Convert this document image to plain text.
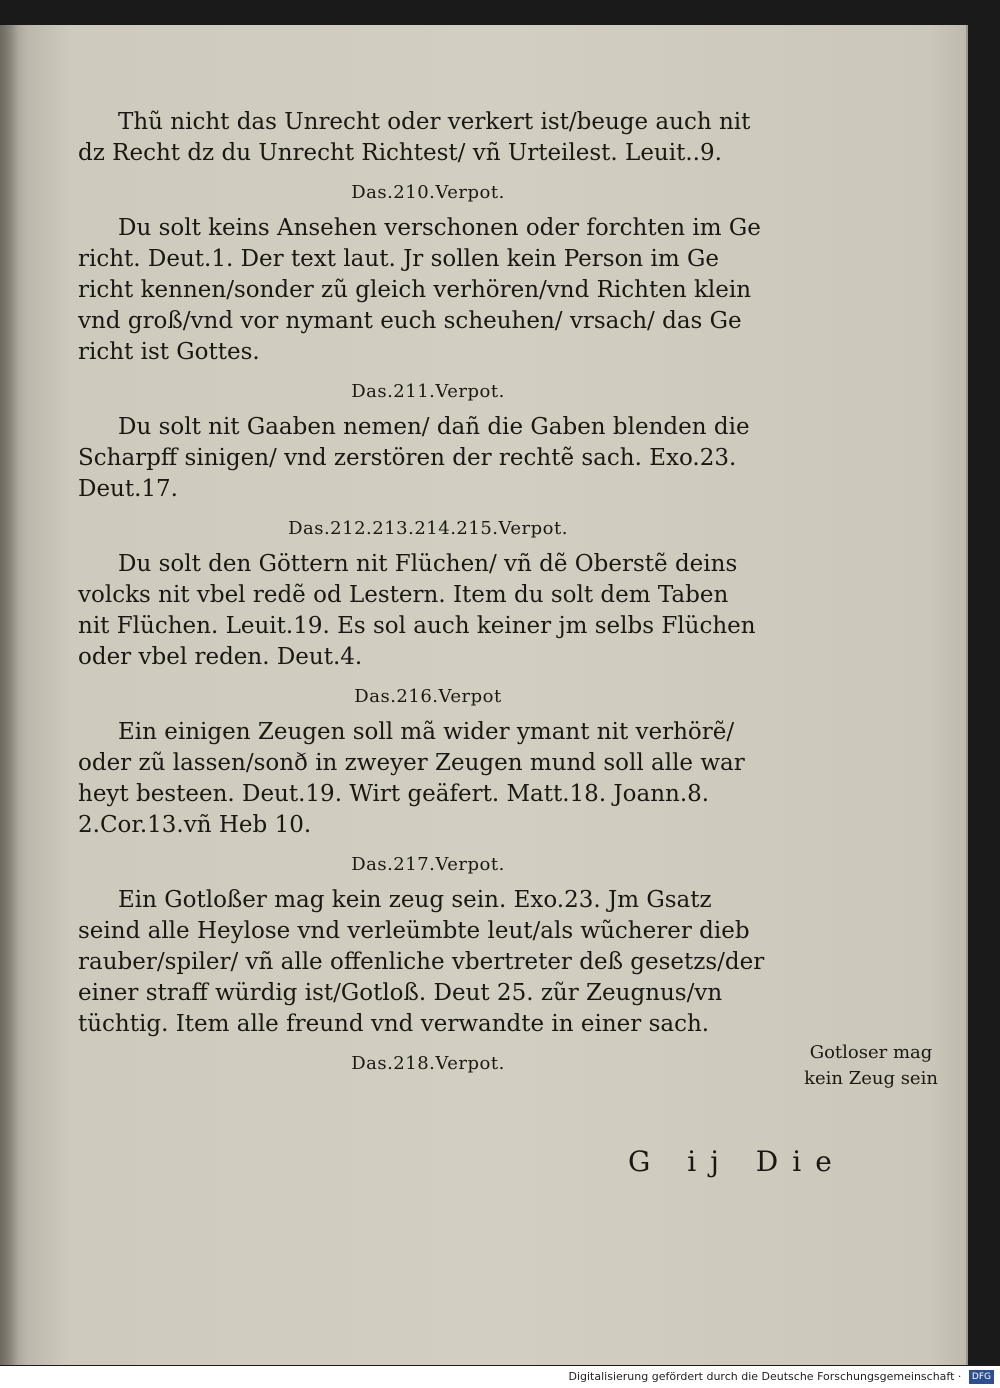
Thũ nicht das Unrecht oder verkert ist/beuge auch nit
dz Recht dz du Unrecht Richtest/ vñ Urteilest. Leuit..9.
Das.210.Verpot.
Du solt keins Ansehen verschonen oder forchten im Ge
richt. Deut.1. Der text laut. Jr sollen kein Person im Ge
richt kennen/sonder zũ gleich verhören/vnd Richten klein
vnd groß/vnd vor nymant euch scheuhen/ vrsach/ das Ge
richt ist Gottes.
Das.211.Verpot.
Du solt nit Gaaben nemen/ dañ die Gaben blenden die
Scharpff sinigen/ vnd zerstören der rechtẽ sach. Exo.23.
Deut.17.
Das.212.213.214.215.Verpot.
Du solt den Göttern nit Flüchen/ vñ dẽ Oberstẽ deins
volcks nit vbel redẽ od Lestern. Item du solt dem Taben
nit Flüchen. Leuit.19. Es sol auch keiner jm selbs Flüchen
oder vbel reden. Deut.4.
Das.216.Verpot
Ein einigen Zeugen soll mã wider ymant nit verhörẽ/
oder zũ lassen/sonð in zweyer Zeugen mund soll alle war
heyt besteen. Deut.19. Wirt geäfert. Matt.18. Joann.8.
2.Cor.13.vñ Heb 10.
Das.217.Verpot.
Ein Gotloßer mag kein zeug sein. Exo.23. Jm Gsatz
seind alle Heylose vnd verleümbte leut/als wũcherer dieb
rauber/spiler/ vñ alle offenliche vbertreter deß gesetzs/der
einer straff würdig ist/Gotloß. Deut 25. zũr Zeugnus/vn
tüchtig. Item alle freund vnd verwandte in einer sach.
Das.218.Verpot.
Gotloser mag
kein Zeug sein
G ij Die
Digitalisierung gefördert durch die Deutsche Forschungsgemeinschaft · DFG
